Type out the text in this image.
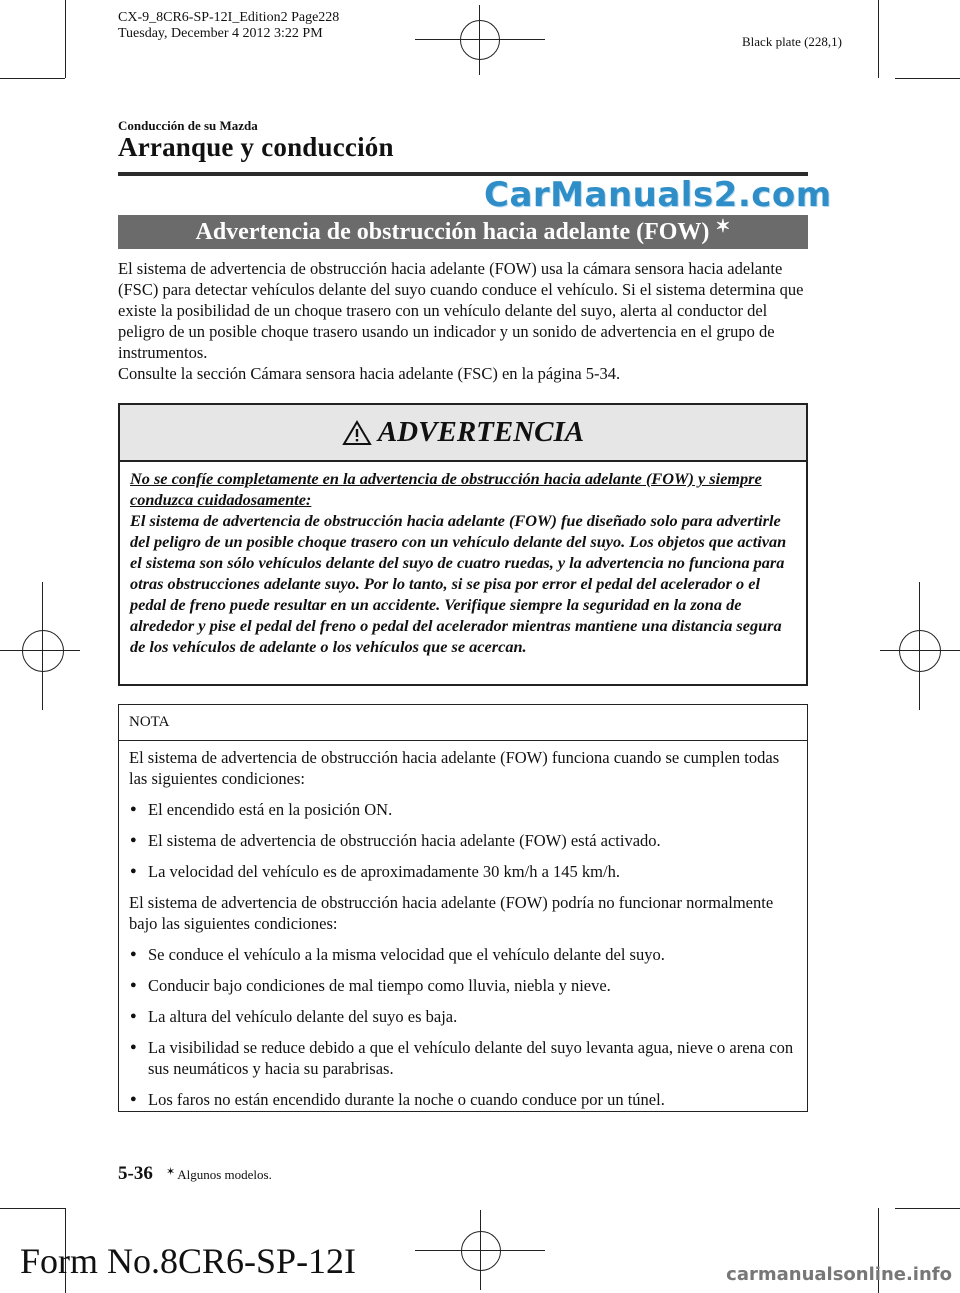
CX-9_8CR6-SP-12I_Edition2 Page228
Tuesday, December 4 2012 3:22 PM
Black plate (228,1)
Conducción de su Mazda
Arranque y conducción
CarManuals2.com
Advertencia de obstrucción hacia adelante (FOW) ✶

El sistema de advertencia de obstrucción hacia adelante (FOW) usa la cámara sensora hacia adelante (FSC) para detectar vehículos delante del suyo cuando conduce el vehículo. Si el sistema determina que existe la posibilidad de un choque trasero con un vehículo delante del suyo, alerta al conductor del peligro de un posible choque trasero usando un indicador y un sonido de advertencia en el grupo de instrumentos.

Consulte la sección Cámara sensora hacia adelante (FSC) en la página 5-34.

ADVERTENCIA
No se confíe completamente en la advertencia de obstrucción hacia adelante (FOW) y siempre conduzca cuidadosamente:
El sistema de advertencia de obstrucción hacia adelante (FOW) fue diseñado solo para advertirle del peligro de un posible choque trasero con un vehículo delante del suyo. Los objetos que activan el sistema son sólo vehículos delante del suyo de cuatro ruedas, y la advertencia no funciona para otras obstrucciones adelante suyo. Por lo tanto, si se pisa por error el pedal del acelerador o el pedal de freno puede resultar en un accidente. Verifique siempre la seguridad en la zona de alrededor y pise el pedal del freno o pedal del acelerador mientras mantiene una distancia segura de los vehículos de adelante o los vehículos que se acercan.
NOTA

El sistema de advertencia de obstrucción hacia adelante (FOW) funciona cuando se cumplen todas las siguientes condiciones:

● El encendido está en la posición ON.
● El sistema de advertencia de obstrucción hacia adelante (FOW) está activado.
● La velocidad del vehículo es de aproximadamente 30 km/h a 145 km/h.

El sistema de advertencia de obstrucción hacia adelante (FOW) podría no funcionar normalmente bajo las siguientes condiciones:

● Se conduce el vehículo a la misma velocidad que el vehículo delante del suyo.
● Conducir bajo condiciones de mal tiempo como lluvia, niebla y nieve.
● La altura del vehículo delante del suyo es baja.
● La visibilidad se reduce debido a que el vehículo delante del suyo levanta agua, nieve o arena con sus neumáticos y hacia su parabrisas.
● Los faros no están encendido durante la noche o cuando conduce por un túnel.
5-36 ✶ Algunos modelos.
Form No.8CR6-SP-12I	carmanualsonline.info
